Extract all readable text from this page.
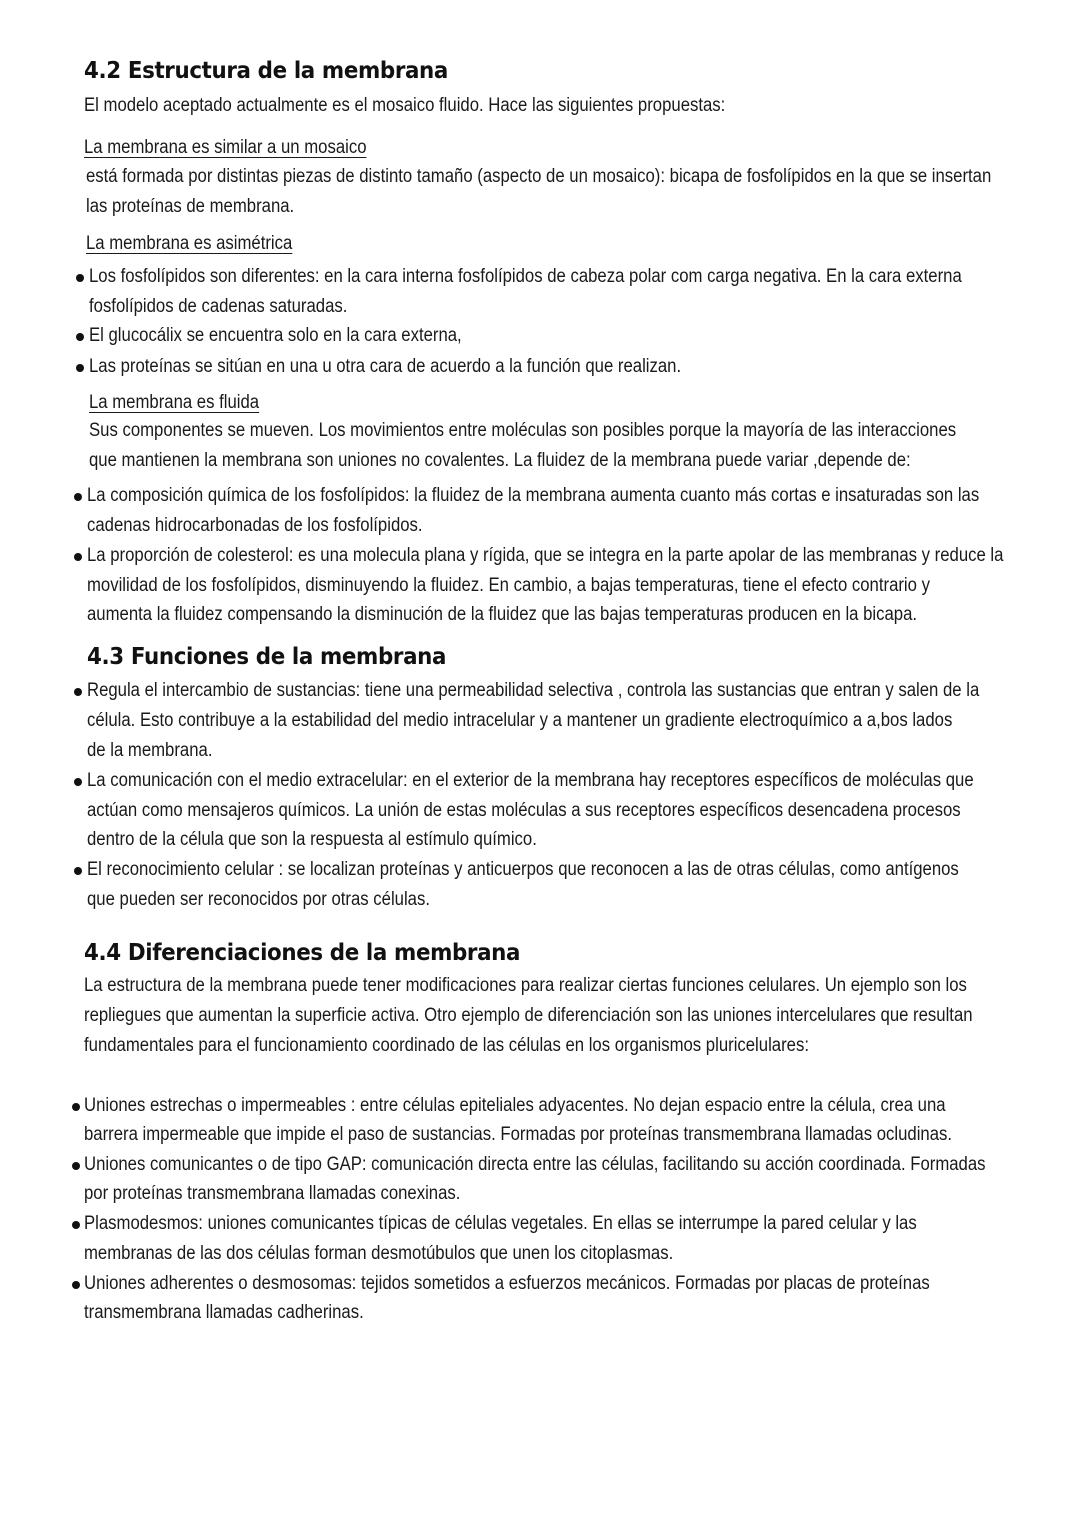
4.2 Estructura de la membrana
El modelo aceptado actualmente es el mosaico fluido. Hace las siguientes propuestas:
La membrana es similar a un mosaico
está formada por distintas piezas de distinto tamaño (aspecto de un mosaico): bicapa de fosfolípidos en la que se insertan
las proteínas de membrana.
La membrana es asimétrica
Los fosfolípidos son diferentes: en la cara interna fosfolípidos de cabeza polar com carga negativa. En la cara externa
fosfolípidos de cadenas saturadas.
El glucocálix se encuentra solo en la cara externa,
Las proteínas se sitúan en una u otra cara de acuerdo a la función que realizan.
La membrana es fluida
Sus componentes se mueven. Los movimientos entre moléculas son posibles porque la mayoría de las interacciones
que mantienen la membrana son uniones no covalentes. La fluidez de la membrana puede variar ,depende de:
La composición química de los fosfolípidos: la fluidez de la membrana aumenta cuanto más cortas e insaturadas son las
cadenas hidrocarbonadas de los fosfolípidos.
La proporción de colesterol: es una molecula plana y rígida, que se integra en la parte apolar de las membranas y reduce la
movilidad de los fosfolípidos, disminuyendo la fluidez. En cambio, a bajas temperaturas, tiene el efecto contrario y
aumenta la fluidez compensando la disminución de la fluidez que las bajas temperaturas producen en la bicapa.
4.3 Funciones de la membrana
Regula el intercambio de sustancias: tiene una permeabilidad selectiva , controla las sustancias que entran y salen de la
célula. Esto contribuye a la estabilidad del medio intracelular y a mantener un gradiente electroquímico a a,bos lados
de la membrana.
La comunicación con el medio extracelular: en el exterior de la membrana hay receptores específicos de moléculas que
actúan como mensajeros químicos. La unión de estas moléculas a sus receptores específicos desencadena procesos
dentro de la célula que son la respuesta al estímulo químico.
El reconocimiento celular : se localizan proteínas y anticuerpos que reconocen a las de otras células, como antígenos
que pueden ser reconocidos por otras células.
4.4 Diferenciaciones de la membrana
La estructura de la membrana puede tener modificaciones para realizar ciertas funciones celulares. Un ejemplo son los
repliegues que aumentan la superficie activa. Otro ejemplo de diferenciación son las uniones intercelulares que resultan
fundamentales para el funcionamiento coordinado de las células en los organismos pluricelulares:
Uniones estrechas o impermeables : entre células epiteliales adyacentes. No dejan espacio entre la célula, crea una
barrera impermeable que impide el paso de sustancias. Formadas por proteínas transmembrana llamadas ocludinas.
Uniones comunicantes o de tipo GAP: comunicación directa entre las células, facilitando su acción coordinada. Formadas
por proteínas transmembrana llamadas conexinas.
Plasmodesmos: uniones comunicantes típicas de células vegetales. En ellas se interrumpe la pared celular y las
membranas de las dos células forman desmotúbulos que unen los citoplasmas.
Uniones adherentes o desmosomas: tejidos sometidos a esfuerzos mecánicos. Formadas por placas de proteínas
transmembrana llamadas cadherinas.
